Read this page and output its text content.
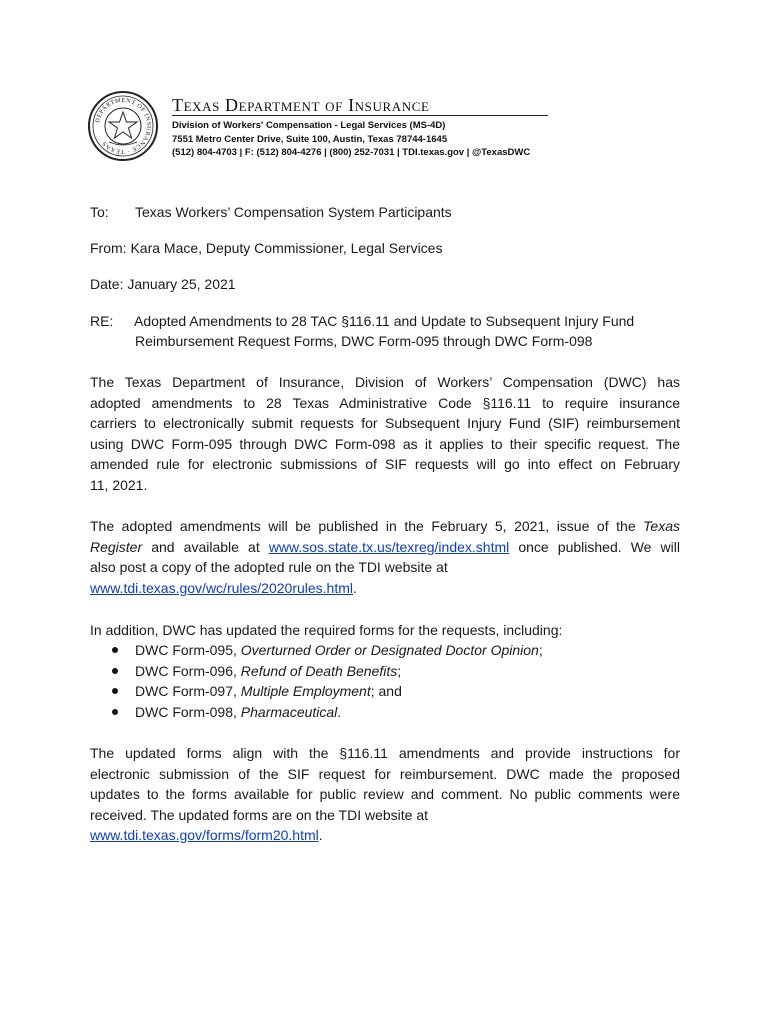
DEPARTMENT OF INSURANCE · TEXAS
Texas Department of Insurance
Division of Workers' Compensation - Legal Services (MS-4D)
7551 Metro Center Drive, Suite 100, Austin, Texas 78744-1645
(512) 804-4703 | F: (512) 804-4276 | (800) 252-7031 | TDI.texas.gov | @TexasDWC
To: Texas Workers’ Compensation System Participants
From: Kara Mace, Deputy Commissioner, Legal Services
Date: January 25, 2021
RE: Adopted Amendments to 28 TAC §116.11 and Update to Subsequent Injury Fund
Reimbursement Request Forms, DWC Form-095 through DWC Form-098
The Texas Department of Insurance, Division of Workers’ Compensation (DWC) has
adopted amendments to 28 Texas Administrative Code §116.11 to require insurance
carriers to electronically submit requests for Subsequent Injury Fund (SIF) reimbursement
using DWC Form-095 through DWC Form-098 as it applies to their specific request. The
amended rule for electronic submissions of SIF requests will go into effect on February
11, 2021.
The adopted amendments will be published in the February 5, 2021, issue of the Texas
Register and available at www.sos.state.tx.us/texreg/index.shtml once published. We will
also post a copy of the adopted rule on the TDI website at
www.tdi.texas.gov/wc/rules/2020rules.html.
In addition, DWC has updated the required forms for the requests, including:
DWC Form-095, Overturned Order or Designated Doctor Opinion;
DWC Form-096, Refund of Death Benefits;
DWC Form-097, Multiple Employment; and
DWC Form-098, Pharmaceutical.
The updated forms align with the §116.11 amendments and provide instructions for
electronic submission of the SIF request for reimbursement. DWC made the proposed
updates to the forms available for public review and comment. No public comments were
received. The updated forms are on the TDI website at
www.tdi.texas.gov/forms/form20.html.
